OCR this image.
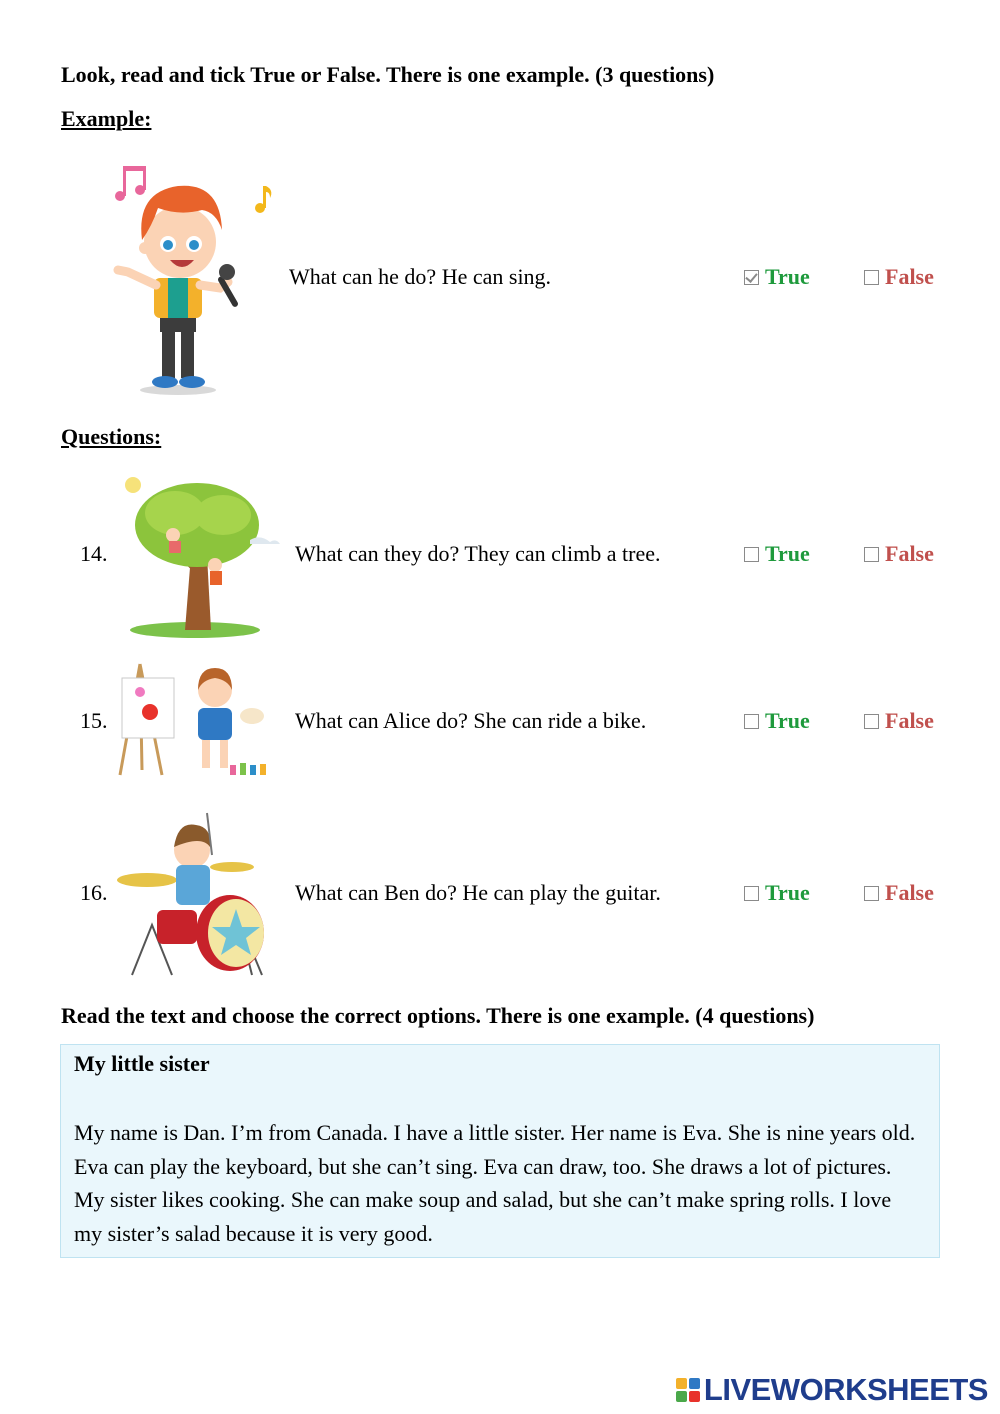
Look, read and tick True or False. There is one example. (3 questions)
Example:
What can he do? He can sing.	True	False
Questions:
14.	What can they do? They can climb a tree.	True	False
15.	What can Alice do? She can ride a bike.	True	False
16.	What can Ben do? He can play the guitar.	True	False
Read the text and choose the correct options. There is one example. (4 questions)
My little sister
My name is Dan. I’m from Canada. I have a little sister. Her name is Eva. She is nine years old. Eva can play the keyboard, but she can’t sing. Eva can draw, too. She draws a lot of pictures. My sister likes cooking. She can make soup and salad, but she can’t make spring rolls. I love my sister’s salad because it is very good.
LIVEWORKSHEETS
